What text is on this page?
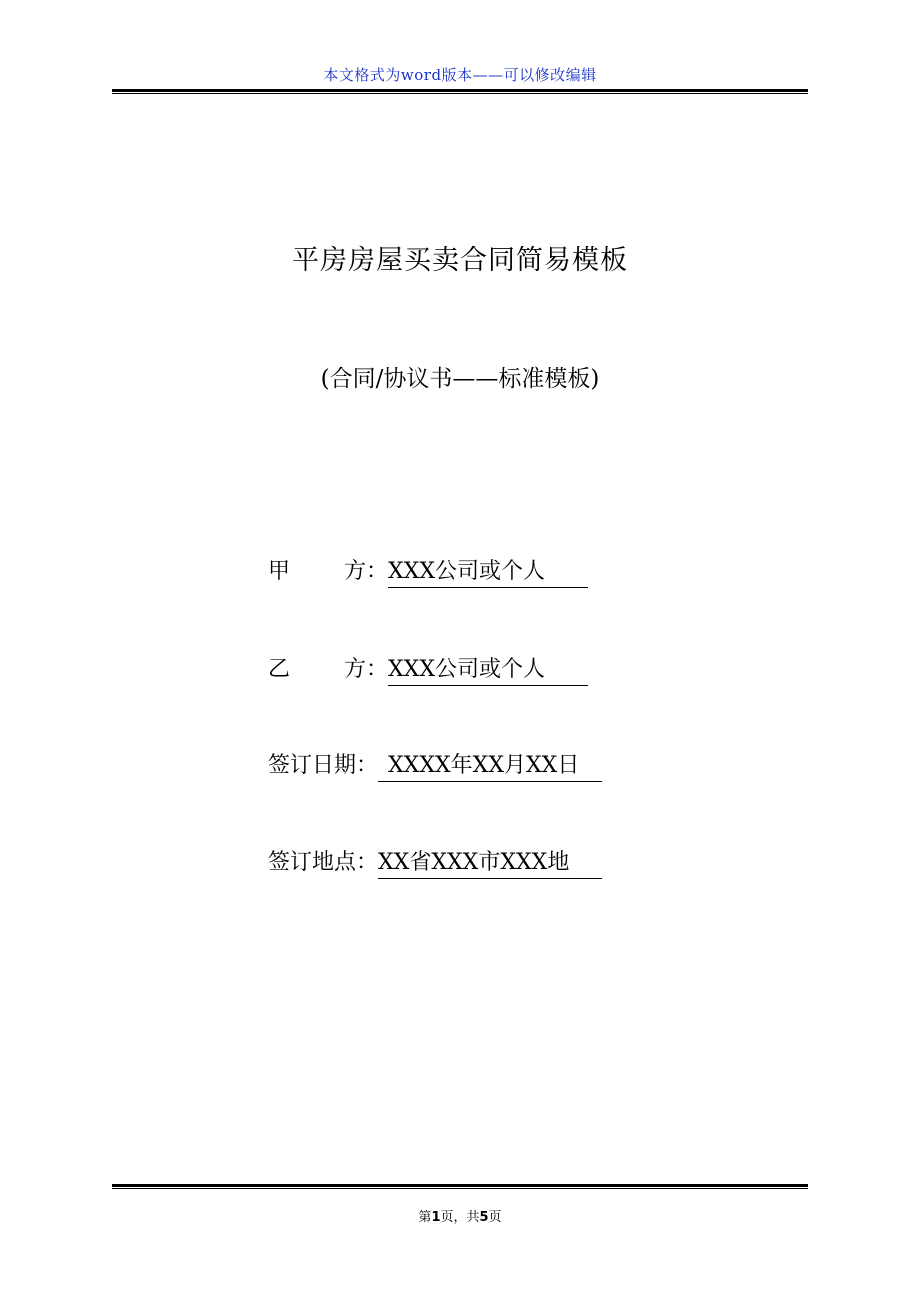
本文格式为word版本——可以修改编辑
平房房屋买卖合同简易模板
(合同/协议书——标准模板)
甲 方： XXX公司或个人
乙 方： XXX公司或个人
签订日期： XXXX年XX月XX日
签订地点： XX省XXX市XXX地
第1页，共5页
